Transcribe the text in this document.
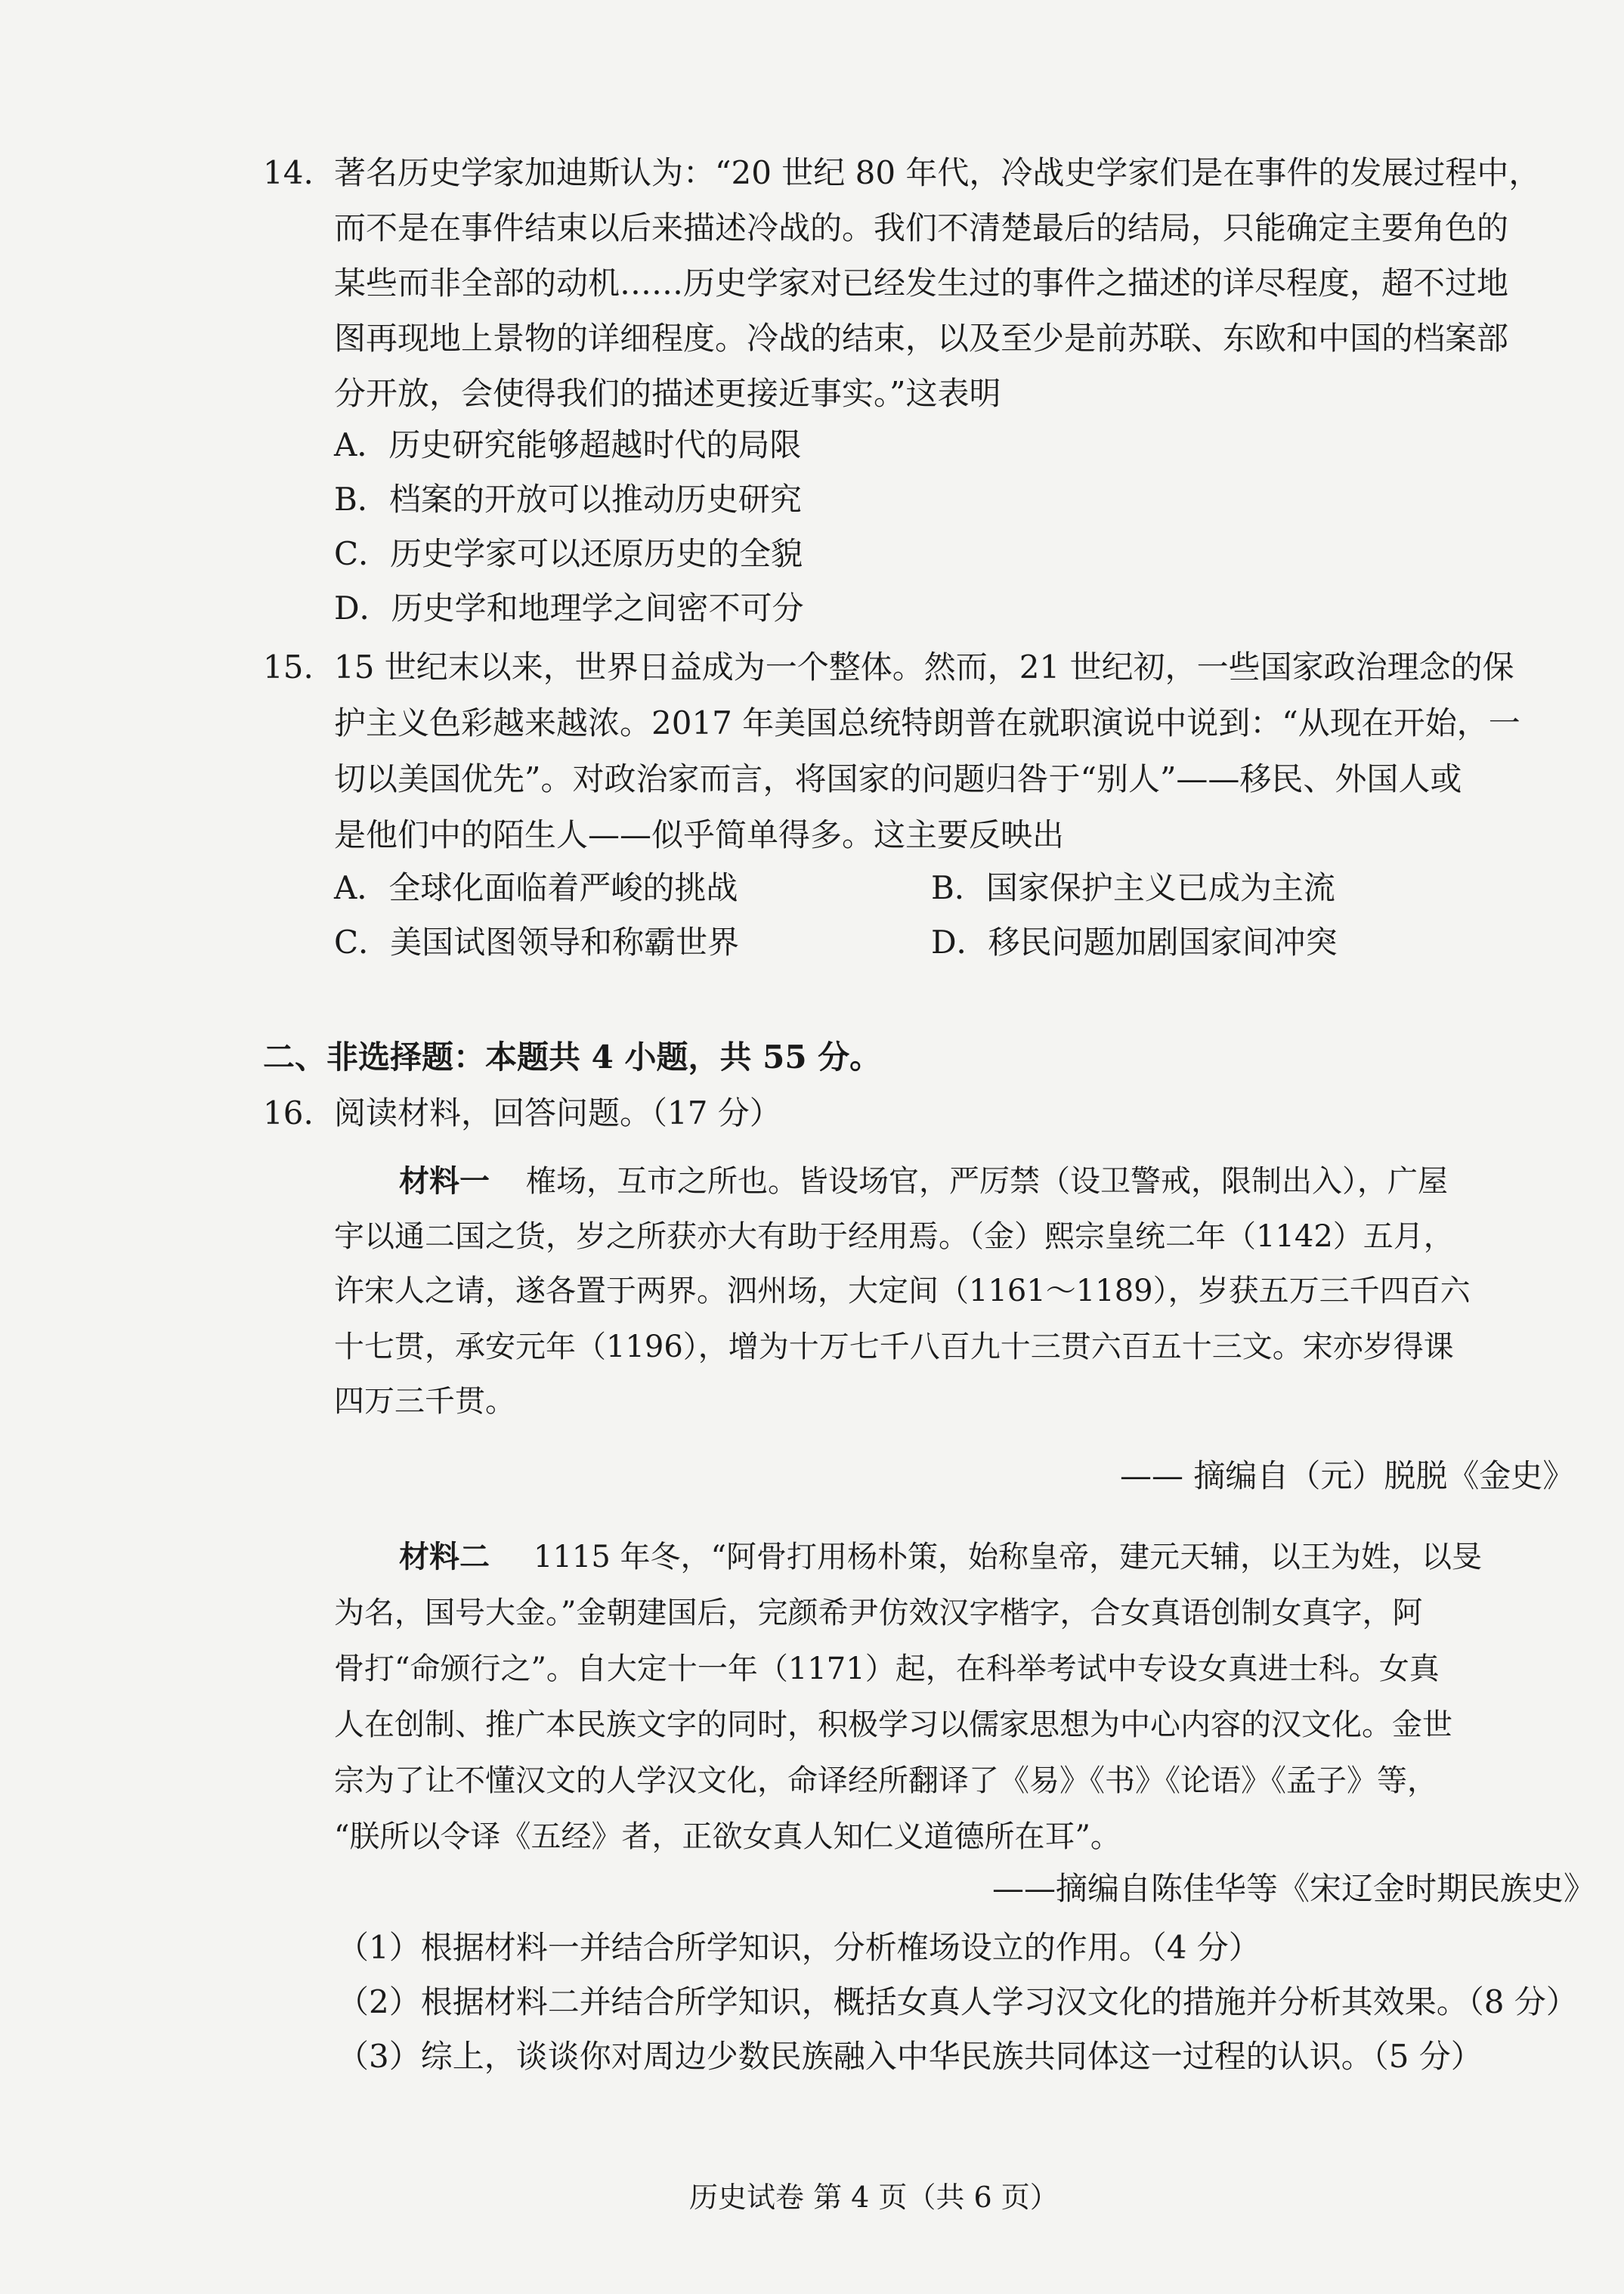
14. 著名历史学家加迪斯认为：“20 世纪 80 年代，冷战史学家们是在事件的发展过程中，
而不是在事件结束以后来描述冷战的。我们不清楚最后的结局，只能确定主要角色的
某些而非全部的动机……历史学家对已经发生过的事件之描述的详尽程度，超不过地
图再现地上景物的详细程度。冷战的结束，以及至少是前苏联、东欧和中国的档案部
分开放，会使得我们的描述更接近事实。”这表明
A．历史研究能够超越时代的局限
B．档案的开放可以推动历史研究
C．历史学家可以还原历史的全貌
D．历史学和地理学之间密不可分
15. 15 世纪末以来，世界日益成为一个整体。然而，21 世纪初，一些国家政治理念的保
护主义色彩越来越浓。2017 年美国总统特朗普在就职演说中说到：“从现在开始，一
切以美国优先”。对政治家而言，将国家的问题归咎于“别人”——移民、外国人或
是他们中的陌生人——似乎简单得多。这主要反映出
A．全球化面临着严峻的挑战	B．国家保护主义已成为主流
C．美国试图领导和称霸世界	D．移民问题加剧国家间冲突
二、非选择题：本题共 4 小题，共 55 分。
16. 阅读材料，回答问题。（17 分）
材料一 榷场，互市之所也。皆设场官，严厉禁（设卫警戒，限制出入），广屋
宇以通二国之货，岁之所获亦大有助于经用焉。（金）熙宗皇统二年（1142）五月，
许宋人之请，遂各置于两界。泗州场，大定间（1161～1189），岁获五万三千四百六
十七贯，承安元年（1196），增为十万七千八百九十三贯六百五十三文。宋亦岁得课
四万三千贯。
—— 摘编自（元）脱脱《金史》
材料二 1115 年冬，“阿骨打用杨朴策，始称皇帝，建元天辅，以王为姓，以旻
为名，国号大金。”金朝建国后，完颜希尹仿效汉字楷字，合女真语创制女真字，阿
骨打“命颁行之”。自大定十一年（1171）起，在科举考试中专设女真进士科。女真
人在创制、推广本民族文字的同时，积极学习以儒家思想为中心内容的汉文化。金世
宗为了让不懂汉文的人学汉文化，命译经所翻译了《易》《书》《论语》《孟子》等，
“朕所以令译《五经》者，正欲女真人知仁义道德所在耳”。
——摘编自陈佳华等《宋辽金时期民族史》
（1）根据材料一并结合所学知识，分析榷场设立的作用。（4 分）
（2）根据材料二并结合所学知识，概括女真人学习汉文化的措施并分析其效果。（8 分）
（3）综上，谈谈你对周边少数民族融入中华民族共同体这一过程的认识。（5 分）
历史试卷 第 4 页（共 6 页）
